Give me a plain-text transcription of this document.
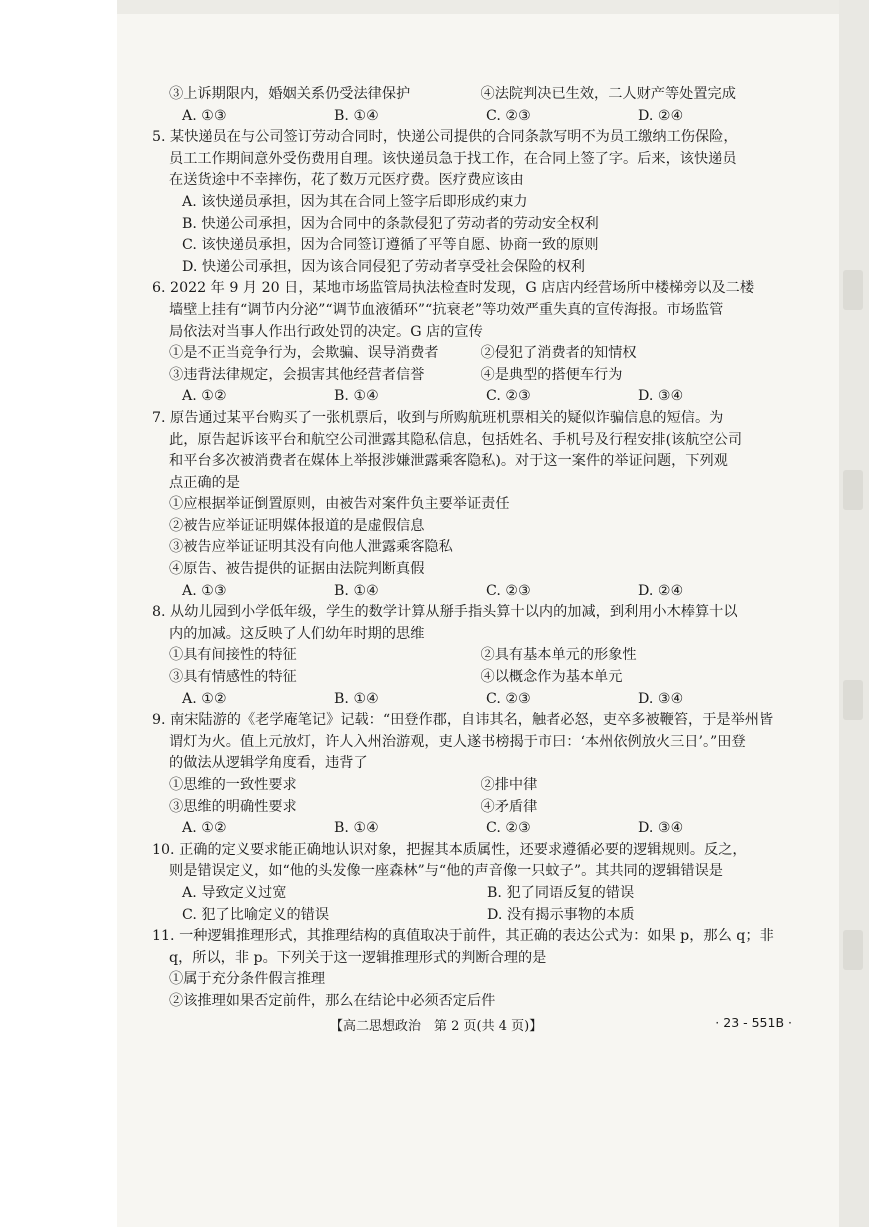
③上诉期限内，婚姻关系仍受法律保护	④法院判决已生效，二人财产等处置完成
A. ①③	B. ①④	C. ②③	D. ②④
5. 某快递员在与公司签订劳动合同时，快递公司提供的合同条款写明不为员工缴纳工伤保险，
员工工作期间意外受伤费用自理。该快递员急于找工作，在合同上签了字。后来，该快递员
在送货途中不幸摔伤，花了数万元医疗费。医疗费应该由
A. 该快递员承担，因为其在合同上签字后即形成约束力
B. 快递公司承担，因为合同中的条款侵犯了劳动者的劳动安全权利
C. 该快递员承担，因为合同签订遵循了平等自愿、协商一致的原则
D. 快递公司承担，因为该合同侵犯了劳动者享受社会保险的权利
6. 2022 年 9 月 20 日，某地市场监管局执法检查时发现，G 店店内经营场所中楼梯旁以及二楼
墙壁上挂有“调节内分泌”“调节血液循环”“抗衰老”等功效严重失真的宣传海报。市场监管
局依法对当事人作出行政处罚的决定。G 店的宣传
①是不正当竞争行为，会欺骗、误导消费者	②侵犯了消费者的知情权
③违背法律规定，会损害其他经营者信誉	④是典型的搭便车行为
A. ①②	B. ①④	C. ②③	D. ③④
7. 原告通过某平台购买了一张机票后，收到与所购航班机票相关的疑似诈骗信息的短信。为
此，原告起诉该平台和航空公司泄露其隐私信息，包括姓名、手机号及行程安排(该航空公司
和平台多次被消费者在媒体上举报涉嫌泄露乘客隐私)。对于这一案件的举证问题，下列观
点正确的是
①应根据举证倒置原则，由被告对案件负主要举证责任
②被告应举证证明媒体报道的是虚假信息
③被告应举证证明其没有向他人泄露乘客隐私
④原告、被告提供的证据由法院判断真假
A. ①③	B. ①④	C. ②③	D. ②④
8. 从幼儿园到小学低年级，学生的数学计算从掰手指头算十以内的加减，到利用小木棒算十以
内的加减。这反映了人们幼年时期的思维
①具有间接性的特征	②具有基本单元的形象性
③具有情感性的特征	④以概念作为基本单元
A. ①②	B. ①④	C. ②③	D. ③④
9. 南宋陆游的《老学庵笔记》记载：“田登作郡，自讳其名，触者必怒，吏卒多被鞭笞，于是举州皆
谓灯为火。值上元放灯，许人入州治游观，吏人遂书榜揭于市曰：‘本州依例放火三日’。”田登
的做法从逻辑学角度看，违背了
①思维的一致性要求	②排中律
③思维的明确性要求	④矛盾律
A. ①②	B. ①④	C. ②③	D. ③④
10. 正确的定义要求能正确地认识对象，把握其本质属性，还要求遵循必要的逻辑规则。反之，
则是错误定义，如“他的头发像一座森林”与“他的声音像一只蚊子”。其共同的逻辑错误是
A. 导致定义过宽	B. 犯了同语反复的错误
C. 犯了比喻定义的错误	D. 没有揭示事物的本质
11. 一种逻辑推理形式，其推理结构的真值取决于前件，其正确的表达公式为：如果 p，那么 q；非
q，所以，非 p。下列关于这一逻辑推理形式的判断合理的是
①属于充分条件假言推理
②该推理如果否定前件，那么在结论中必须否定后件
【高二思想政治　第 2 页(共 4 页)】	· 23 - 551B ·
